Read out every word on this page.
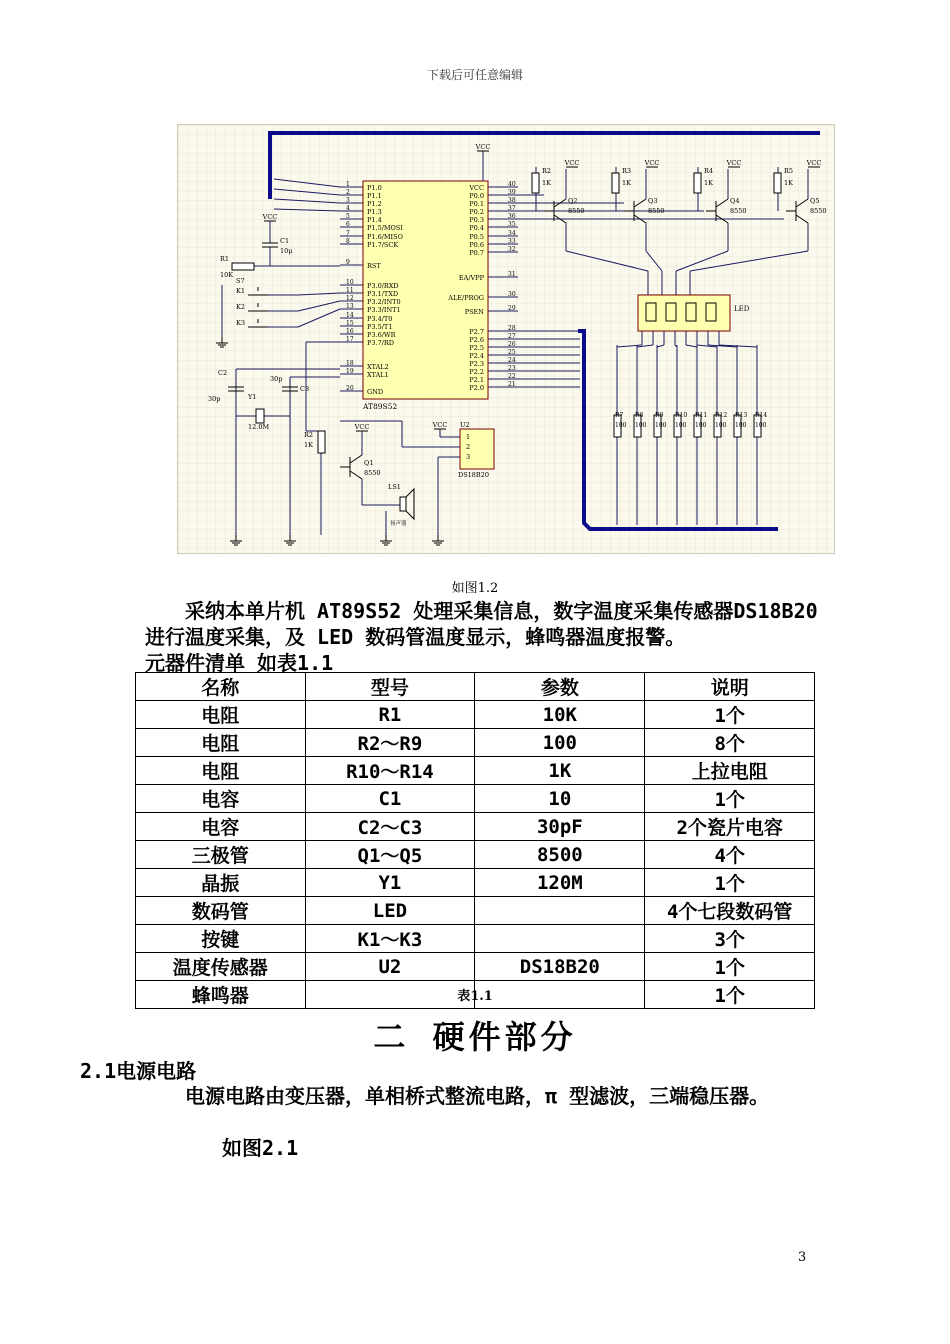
下载后可任意编辑
AT89S52
P1.0
1
P1.1
2
P1.2
3
P1.3
4
P1.4
5
P1.5/MOSI
6
P1.6/MISO
7
P1.7/SCK
8
RST
9
P3.0/RXD
10
P3.1/TXD
11
P3.2/INT0
12
P3.3/INT1
13
P3.4/T0
14
P3.5/T1
15
P3.6/WR
16
P3.7/RD
17
XTAL2
18
XTAL1
19
GND
20
VCC	40
P0.0	39
P0.1	38
P0.2	37
P0.3	36
P0.4	35
P0.5	34
P0.6	33
P0.7	32
EA/VPP	31
ALE/PROG	30
PSEN	29
P2.7	28
P2.6	27
P2.5	26
P2.4	25
P2.3	24
P2.2	23
P2.1	22
P2.0	21
VCC
VCC
R2
1K
Q2
8550
VCC
R3
1K
Q3
8550
VCC
R4
1K
Q4
8550
VCC
R5
1K
Q5
8550
LED
R7
100
R8
100
R9
100
R10
100
R11
100
R12
100
R13
100
R14
100
R1
10K
VCC
C1
10μ
K1
K2
K3
S7
C2
30p	Y1
12.0M
C3
30p
R2
1K
VCC
Q1
8550
LS1
扬声器
U2
DS18B20
1
2
3
VCC
如图1.2
采纳本单片机 AT89S52 处理采集信息，数字温度采集传感器DS18B20 进行温度采集，及 LED 数码管温度显示，蜂鸣器温度报警。
元器件清单 如表1.1
名称	型号	参数	说明
电阻	R1	10K	1个
电阻	R2～R9	100	8个
电阻	R10～R14	1K	上拉电阻
电容	C1	10	1个
电容	C2～C3	30pF	2个瓷片电容
三极管	Q1～Q5	8500	4个
晶振	Y1	120M	1个
数码管	LED		4个七段数码管
按键	K1～K3		3个
温度传感器	U2	DS18B20	1个
蜂鸣器			1个
表1.1
二 硬件部分
2.1电源电路
电源电路由变压器，单相桥式整流电路，π 型滤波，三端稳压器。
如图2.1
3
